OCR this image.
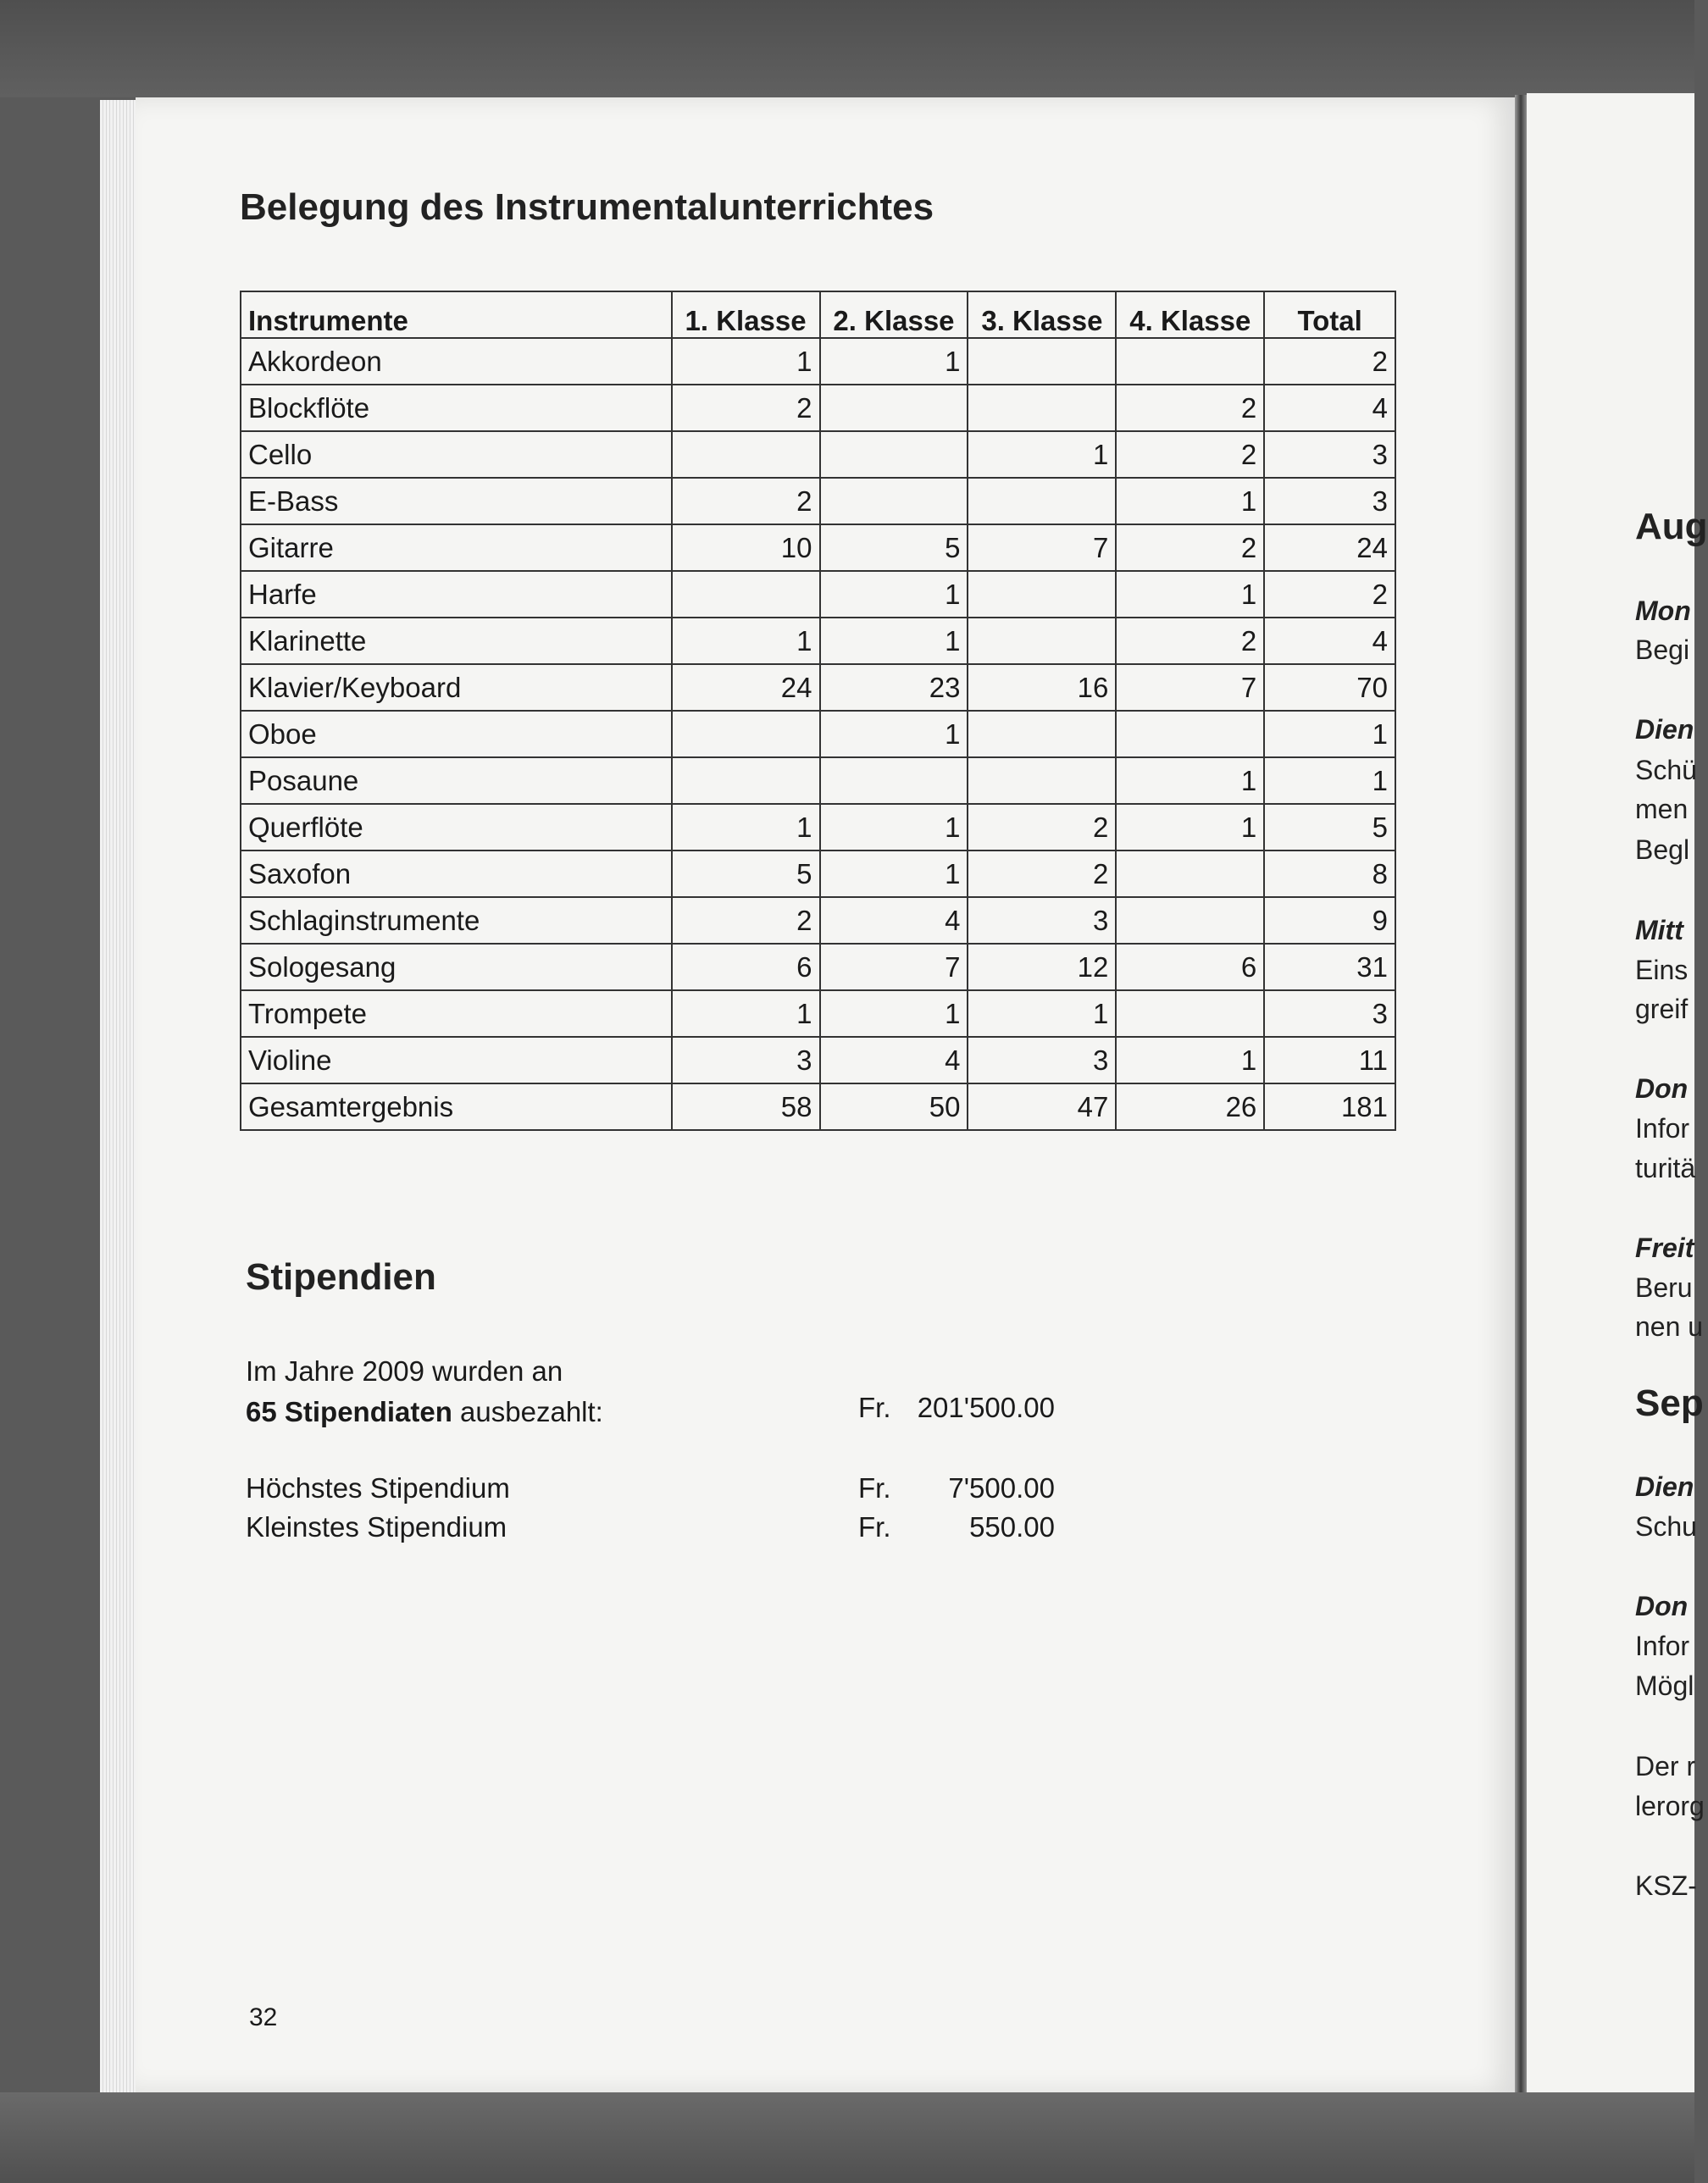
Belegung des Instrumentalunterrichtes
Instrumente	1. Klasse	2. Klasse	3. Klasse	4. Klasse	Total
Akkordeon	1	1			2
Blockflöte	2			2	4
Cello			1	2	3
E-Bass	2			1	3
Gitarre	10	5	7	2	24
Harfe		1		1	2
Klarinette	1	1		2	4
Klavier/Keyboard	24	23	16	7	70
Oboe		1			1
Posaune				1	1
Querflöte	1	1	2	1	5
Saxofon	5	1	2		8
Schlaginstrumente	2	4	3		9
Sologesang	6	7	12	6	31
Trompete	1	1	1		3
Violine	3	4	3	1	11
Gesamtergebnis	58	50	47	26	181
Stipendien
Im Jahre 2009 wurden an
65 Stipendiaten ausbezahlt:	Fr. 201'500.00
Höchstes Stipendium	Fr. 7'500.00
Kleinstes Stipendium	Fr.	550.00
32
Aug
Mon
Begi
Dien
Schü
men
Begl
Mitt
Eins
greif
Don
Infor
turitä
Freit
Beru
nen u
Sep
Dien
Schu
Don
Infor
Mögl
Der r
lerorg
KSZ-
